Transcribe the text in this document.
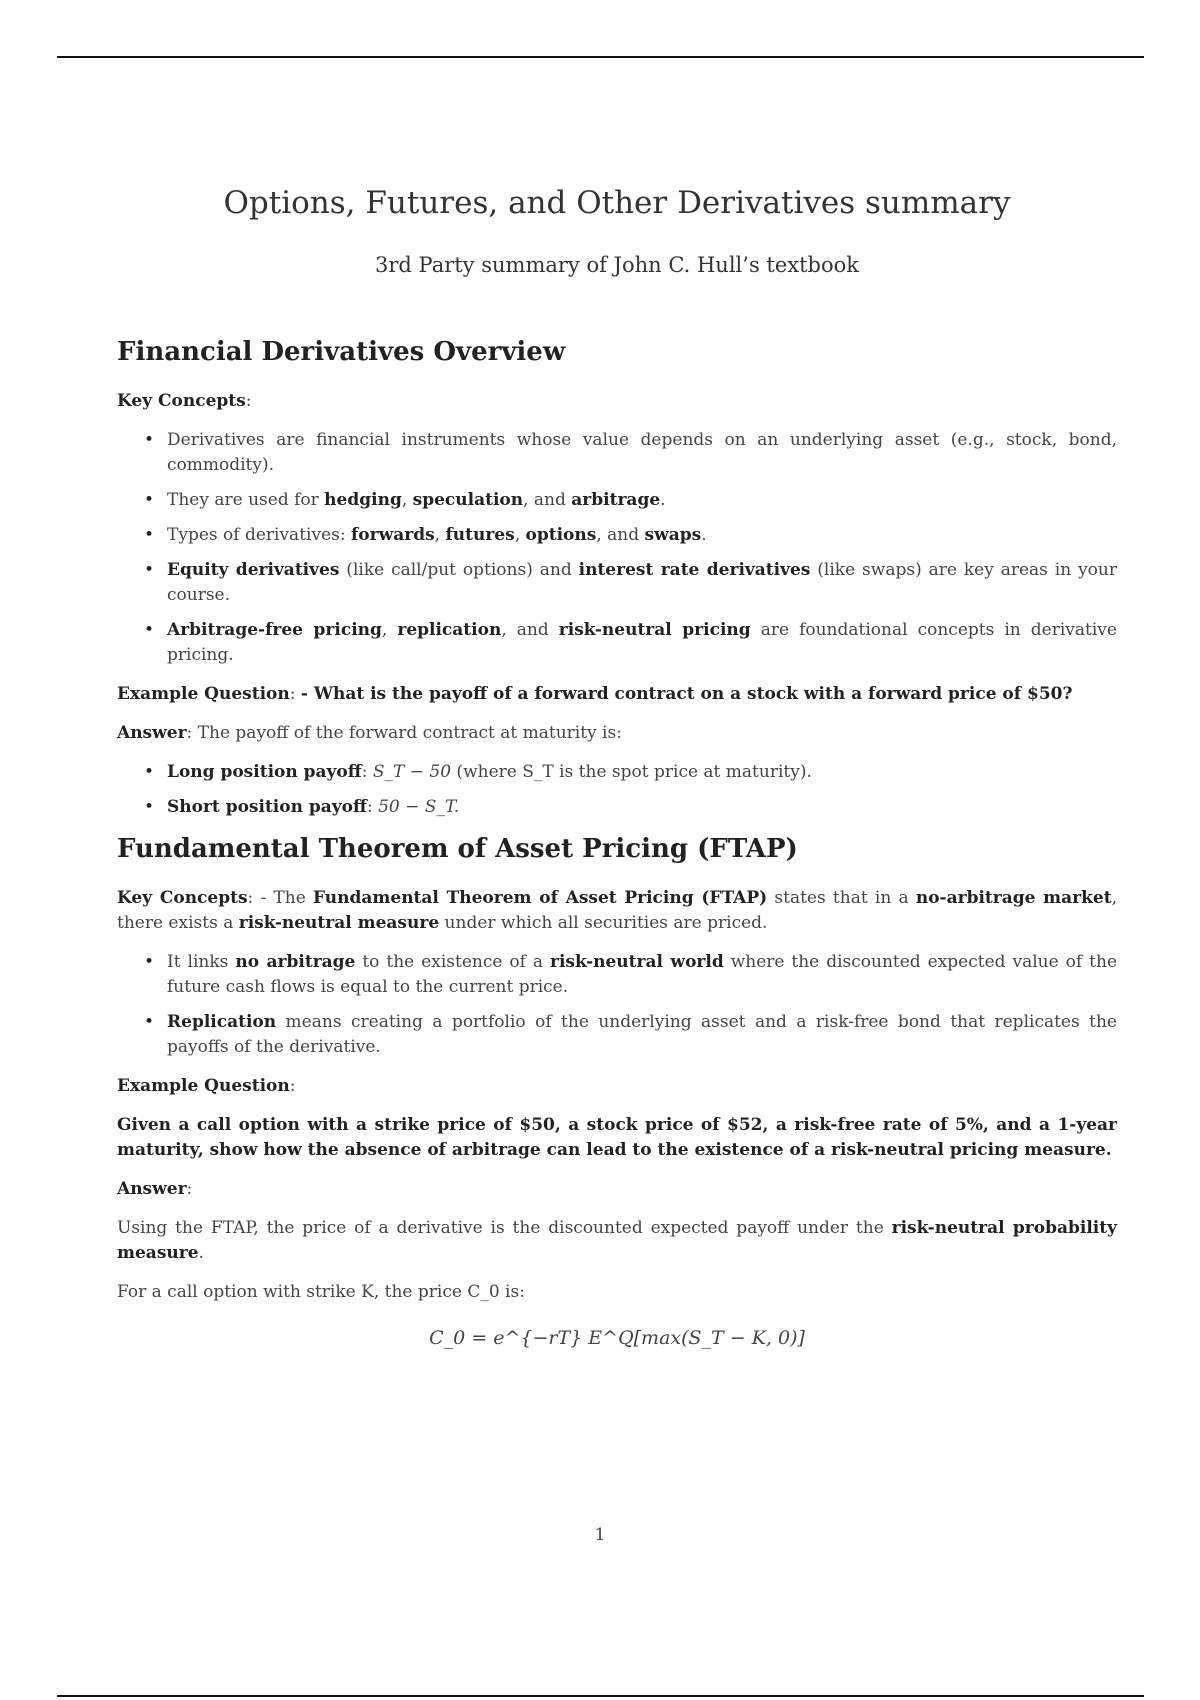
Options, Futures, and Other Derivatives summary
3rd Party summary of John C. Hull’s textbook
Financial Derivatives Overview

Key Concepts:

• Derivatives are financial instruments whose value depends on an underlying asset (e.g., stock, bond, commodity).
• They are used for hedging, speculation, and arbitrage.
• Types of derivatives: forwards, futures, options, and swaps.
• Equity derivatives (like call/put options) and interest rate derivatives (like swaps) are key areas in your course.
• Arbitrage-free pricing, replication, and risk-neutral pricing are foundational concepts in derivative pricing.

Example Question: - What is the payoff of a forward contract on a stock with a forward price of $50?

Answer: The payoff of the forward contract at maturity is:

• Long position payoff: S_T − 50 (where S_T is the spot price at maturity).
• Short position payoff: 50 − S_T.
Fundamental Theorem of Asset Pricing (FTAP)

Key Concepts: - The Fundamental Theorem of Asset Pricing (FTAP) states that in a no-arbitrage market, there exists a risk-neutral measure under which all securities are priced.

• It links no arbitrage to the existence of a risk-neutral world where the discounted expected value of the future cash flows is equal to the current price.
• Replication means creating a portfolio of the underlying asset and a risk-free bond that replicates the payoffs of the derivative.

Example Question:

Given a call option with a strike price of $50, a stock price of $52, a risk-free rate of 5%, and a 1-year maturity, show how the absence of arbitrage can lead to the existence of a risk-neutral pricing measure.

Answer:

Using the FTAP, the price of a derivative is the discounted expected payoff under the risk-neutral probability measure.

For a call option with strike K, the price C_0 is:

C_0 = e^{−rT} E^Q[max(S_T − K, 0)]
1
